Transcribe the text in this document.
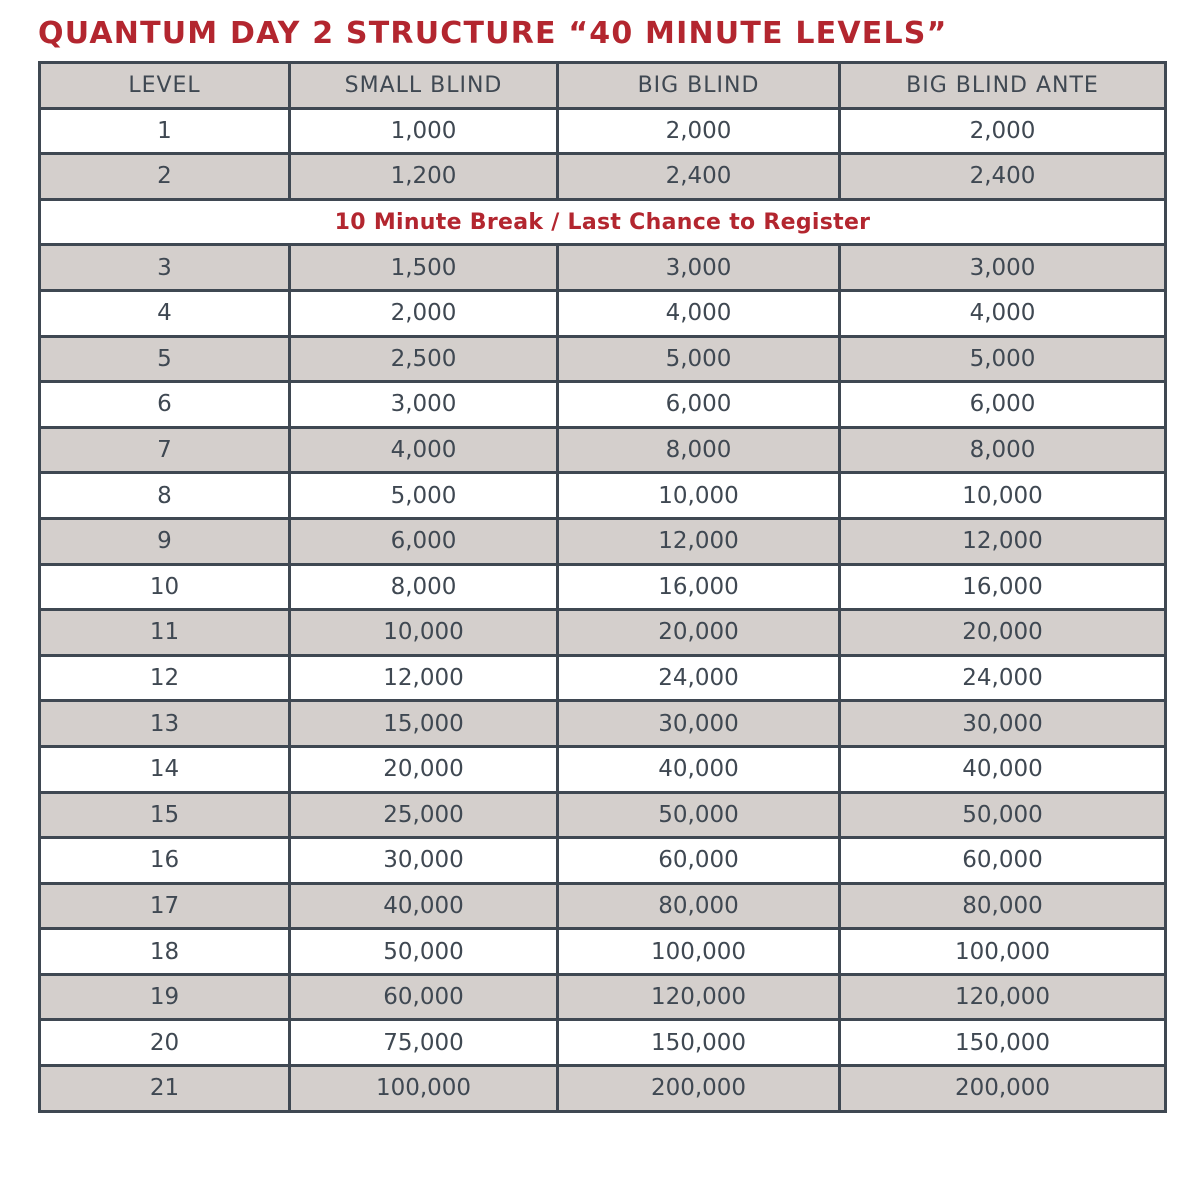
QUANTUM DAY 2 STRUCTURE “40 MINUTE LEVELS”
LEVEL	SMALL BLIND	BIG BLIND	BIG BLIND ANTE
1	1,000	2,000	2,000
2	1,200	2,400	2,400
10 Minute Break / Last Chance to Register			
3	1,500	3,000	3,000
4	2,000	4,000	4,000
5	2,500	5,000	5,000
6	3,000	6,000	6,000
7	4,000	8,000	8,000
8	5,000	10,000	10,000
9	6,000	12,000	12,000
10	8,000	16,000	16,000
11	10,000	20,000	20,000
12	12,000	24,000	24,000
13	15,000	30,000	30,000
14	20,000	40,000	40,000
15	25,000	50,000	50,000
16	30,000	60,000	60,000
17	40,000	80,000	80,000
18	50,000	100,000	100,000
19	60,000	120,000	120,000
20	75,000	150,000	150,000
21	100,000	200,000	200,000
